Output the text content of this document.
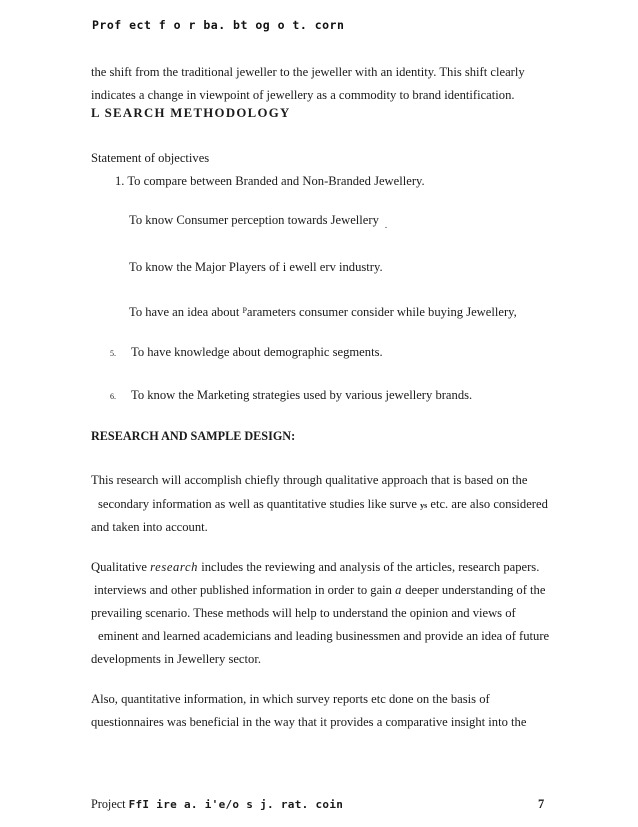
Prof ect f o r ba. bt og o t. corn
the shift from the traditional jeweller to the jeweller with an identity. This shift clearly
indicates a change in viewpoint of jewellery as a commodity to brand identification.
L SEARCH METHODOLOGY
Statement of objectives
1. To compare between Branded and Non-Branded Jewellery.
To know Consumer perception towards Jewellery $_.$
To know the Major Players of i ewell erv industry.
To have an idea about $^P$arameters consumer consider while buying Jewellery,
5. To have knowledge about demographic segments.
6. To know the Marketing strategies used by various jewellery brands.
RESEARCH AND SAMPLE DESIGN:
This research will accomplish chiefly through qualitative approach that is based on the
secondary information as well as quantitative studies like surve ys etc. are also considered
and taken into account.
Qualitative research includes the reviewing and analysis of the articles, research papers.
interviews and other published information in order to gain a deeper understanding of the
prevailing scenario. These methods will help to understand the opinion and views of
eminent and learned academicians and leading businessmen and provide an idea of future
developments in Jewellery sector.
Also, quantitative information, in which survey reports etc done on the basis of
questionnaires was beneficial in the way that it provides a comparative insight into the
Project FfI ire a. i'e/o s j. rat. coin	7
